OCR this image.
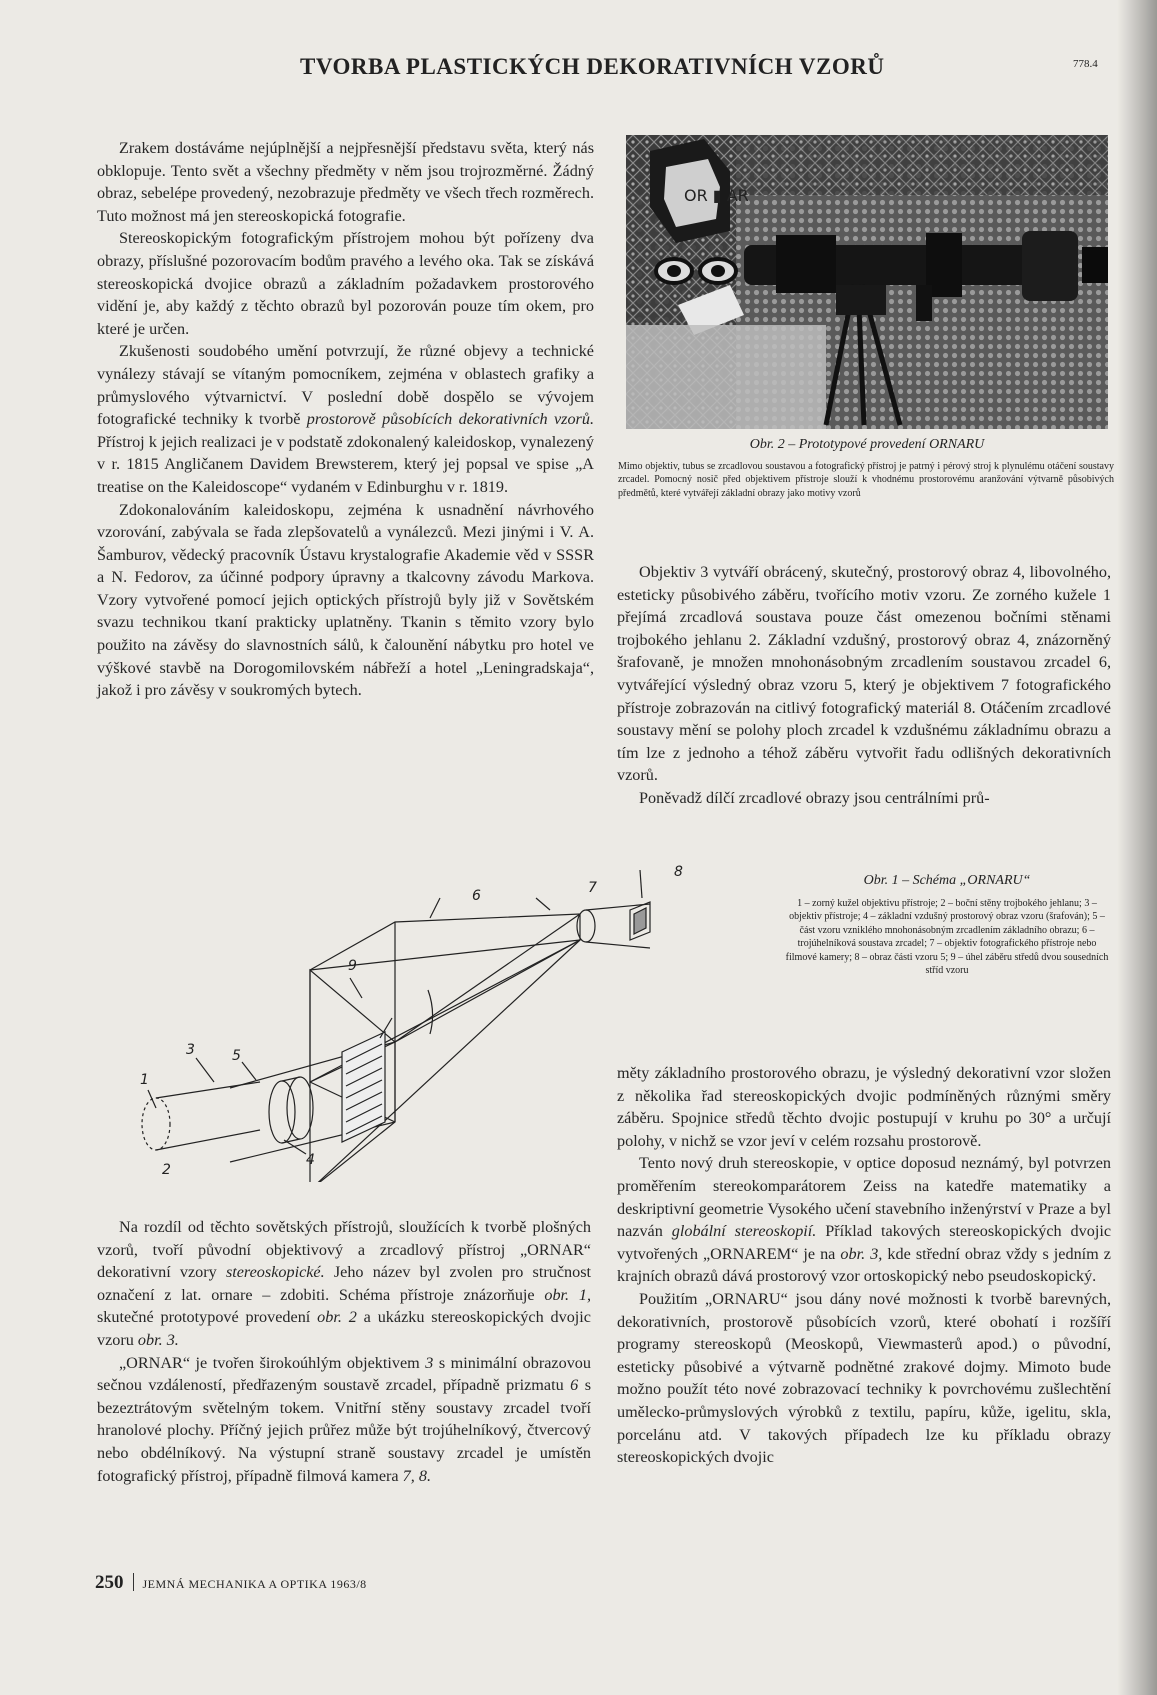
TVORBA PLASTICKÝCH DEKORATIVNÍCH VZORŮ	778.4

Zrakem dostáváme nejúplnější a nejpřesnější představu světa, který nás obklopuje. Tento svět a všechny předměty v něm jsou trojrozměrné. Žádný obraz, sebelépe provedený, nezobrazuje předměty ve všech třech rozměrech. Tuto možnost má jen stereoskopická fotografie.

Stereoskopickým fotografickým přístrojem mohou být pořízeny dva obrazy, příslušné pozorovacím bodům pravého a levého oka. Tak se získává stereoskopická dvojice obrazů a základním požadavkem prostorového vidění je, aby každý z těchto obrazů byl pozorován pouze tím okem, pro které je určen.

Zkušenosti soudobého umění potvrzují, že různé objevy a technické vynálezy stávají se vítaným pomocníkem, zejména v oblastech grafiky a průmyslového výtvarnictví. V poslední době dospělo se vývojem fotografické techniky k tvorbě prostorově působících dekorativních vzorů. Přístroj k jejich realizaci je v podstatě zdokonalený kaleidoskop, vynalezený v r. 1815 Angličanem Davidem Brewsterem, který jej popsal ve spise „A treatise on the Kaleidoscope“ vydaném v Edinburghu v r. 1819.

Zdokonalováním kaleidoskopu, zejména k usnadnění návrhového vzorování, zabývala se řada zlepšovatelů a vynálezců. Mezi jinými i V. A. Šamburov, vědecký pracovník Ústavu krystalografie Akademie věd v SSSR a N. Fedorov, za účinné podpory úpravny a tkalcovny závodu Markova. Vzory vytvořené pomocí jejich optických přístrojů byly již v Sovětském svazu technikou tkaní prakticky uplatněny. Tkanin s těmito vzory bylo použito na závěsy do slavnostních sálů, k čalounění nábytku pro hotel ve výškové stavbě na Dorogomilovském nábřeží a hotel „Leningradskaja“, jakož i pro závěsy v soukromých bytech.

OR ▮ AR
Obr. 2 – Prototypové provedení ORNARU
Mimo objektiv, tubus se zrcadlovou soustavou a fotografický přístroj je patrný i pérový stroj k plynulému otáčení soustavy zrcadel. Pomocný nosič před objektivem přístroje slouží k vhodnému prostorovému aranžování výtvarně působivých předmětů, které vytvářejí základní obrazy jako motivy vzorů

Objektiv 3 vytváří obrácený, skutečný, prostorový obraz 4, libovolného, esteticky působivého záběru, tvořícího motiv vzoru. Ze zorného kužele 1 přejímá zrcadlová soustava pouze část omezenou bočními stěnami trojbokého jehlanu 2. Základní vzdušný, prostorový obraz 4, znázorněný šrafovaně, je množen mnohonásobným zrcadlením soustavou zrcadel 6, vytvářející výsledný obraz vzoru 5, který je objektivem 7 fotografického přístroje zobrazován na citlivý fotografický materiál 8. Otáčením zrcadlové soustavy mění se polohy ploch zrcadel k vzdušnému základnímu obrazu a tím lze z jednoho a téhož záběru vytvořit řadu odlišných dekorativních vzorů.

Poněvadž dílčí zrcadlové obrazy jsou centrálními prů-

Obr. 1 – Schéma „ORNARU“
1 – zorný kužel objektivu přístroje; 2 – boční stěny trojbokého jehlanu; 3 – objektiv přístroje; 4 – základní vzdušný prostorový obraz vzoru (šrafován); 5 – část vzoru vzniklého mnohonásobným zrcadlením základního obrazu; 6 – trojúhelníková soustava zrcadel; 7 – objektiv fotografického přístroje nebo filmové kamery; 8 – obraz části vzoru 5; 9 – úhel záběru středů dvou sousedních stříd vzoru
1
2
3
4
5
6	7
8
9

měty základního prostorového obrazu, je výsledný dekorativní vzor složen z několika řad stereoskopických dvojic podmíněných různými směry záběru. Spojnice středů těchto dvojic postupují v kruhu po 30° a určují polohy, v nichž se vzor jeví v celém rozsahu prostorově.

Tento nový druh stereoskopie, v optice doposud neznámý, byl potvrzen proměřením stereokomparátorem Zeiss na katedře matematiky a deskriptivní geometrie Vysokého učení stavebního inženýrství v Praze a byl nazván globální stereoskopií. Příklad takových stereoskopických dvojic vytvořených „ORNAREM“ je na obr. 3, kde střední obraz vždy s jedním z krajních obrazů dává prostorový vzor ortoskopický nebo pseudoskopický.

Použitím „ORNARU“ jsou dány nové možnosti k tvorbě barevných, dekorativních, prostorově působících vzorů, které obohatí i rozšíří programy stereoskopů (Meoskopů, Viewmasterů apod.) o původní, esteticky působivé a výtvarně podnětné zrakové dojmy. Mimoto bude možno použít této nové zobrazovací techniky k povrchovému zušlechtění umělecko-průmyslových výrobků z textilu, papíru, kůže, igelitu, skla, porcelánu atd. V takových případech lze ku příkladu obrazy stereoskopických dvojic

Na rozdíl od těchto sovětských přístrojů, sloužících k tvorbě plošných vzorů, tvoří původní objektivový a zrcadlový přístroj „ORNAR“ dekorativní vzory stereoskopické. Jeho název byl zvolen pro stručnost označení z lat. ornare – zdobiti. Schéma přístroje znázorňuje obr. 1, skutečné prototypové provedení obr. 2 a ukázku stereoskopických dvojic vzoru obr. 3.

„ORNAR“ je tvořen širokoúhlým objektivem 3 s minimální obrazovou sečnou vzdáleností, předřazeným soustavě zrcadel, případně prizmatu 6 s bezeztrátovým světelným tokem. Vnitřní stěny soustavy zrcadel tvoří hranolové plochy. Příčný jejich průřez může být trojúhelníkový, čtvercový nebo obdélníkový. Na výstupní straně soustavy zrcadel je umístěn fotografický přístroj, případně filmová kamera 7, 8.

250 JEMNÁ MECHANIKA A OPTIKA 1963/8
